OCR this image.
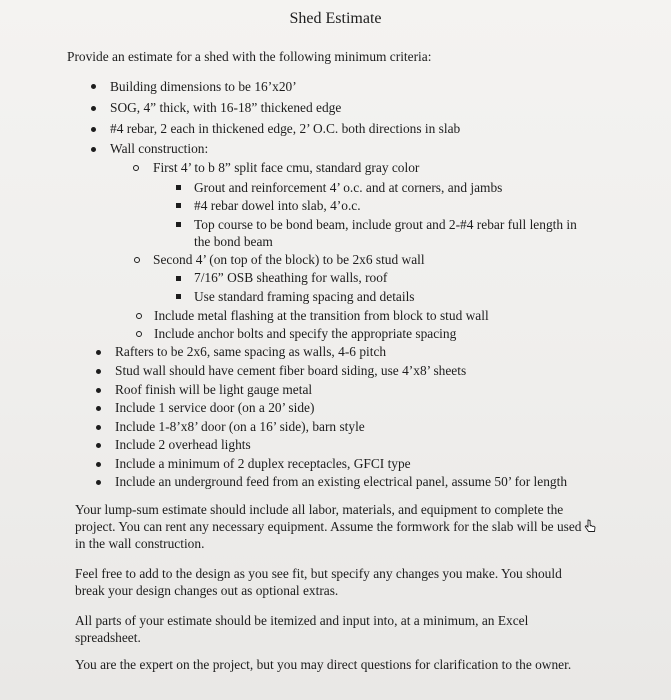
Shed Estimate
Provide an estimate for a shed with the following minimum criteria:
Building dimensions to be 16’x20’
SOG, 4” thick, with 16-18” thickened edge
#4 rebar, 2 each in thickened edge, 2’ O.C. both directions in slab
Wall construction:
First 4’ to b 8” split face cmu, standard gray color
Grout and reinforcement 4’ o.c. and at corners, and jambs
#4 rebar dowel into slab, 4’o.c.
Top course to be bond beam, include grout and 2-#4 rebar full length in
the bond beam
Second 4’ (on top of the block) to be 2x6 stud wall
7/16” OSB sheathing for walls, roof
Use standard framing spacing and details
Include metal flashing at the transition from block to stud wall
Include anchor bolts and specify the appropriate spacing
Rafters to be 2x6, same spacing as walls, 4-6 pitch
Stud wall should have cement fiber board siding, use 4’x8’ sheets
Roof finish will be light gauge metal
Include 1 service door (on a 20’ side)
Include 1-8’x8’ door (on a 16’ side), barn style
Include 2 overhead lights
Include a minimum of 2 duplex receptacles, GFCI type
Include an underground feed from an existing electrical panel, assume 50’ for length
Your lump-sum estimate should include all labor, materials, and equipment to complete the
project. You can rent any necessary equipment. Assume the formwork for the slab will be used
in the wall construction.
Feel free to add to the design as you see fit, but specify any changes you make. You should
break your design changes out as optional extras.
All parts of your estimate should be itemized and input into, at a minimum, an Excel
spreadsheet.
You are the expert on the project, but you may direct questions for clarification to the owner.
